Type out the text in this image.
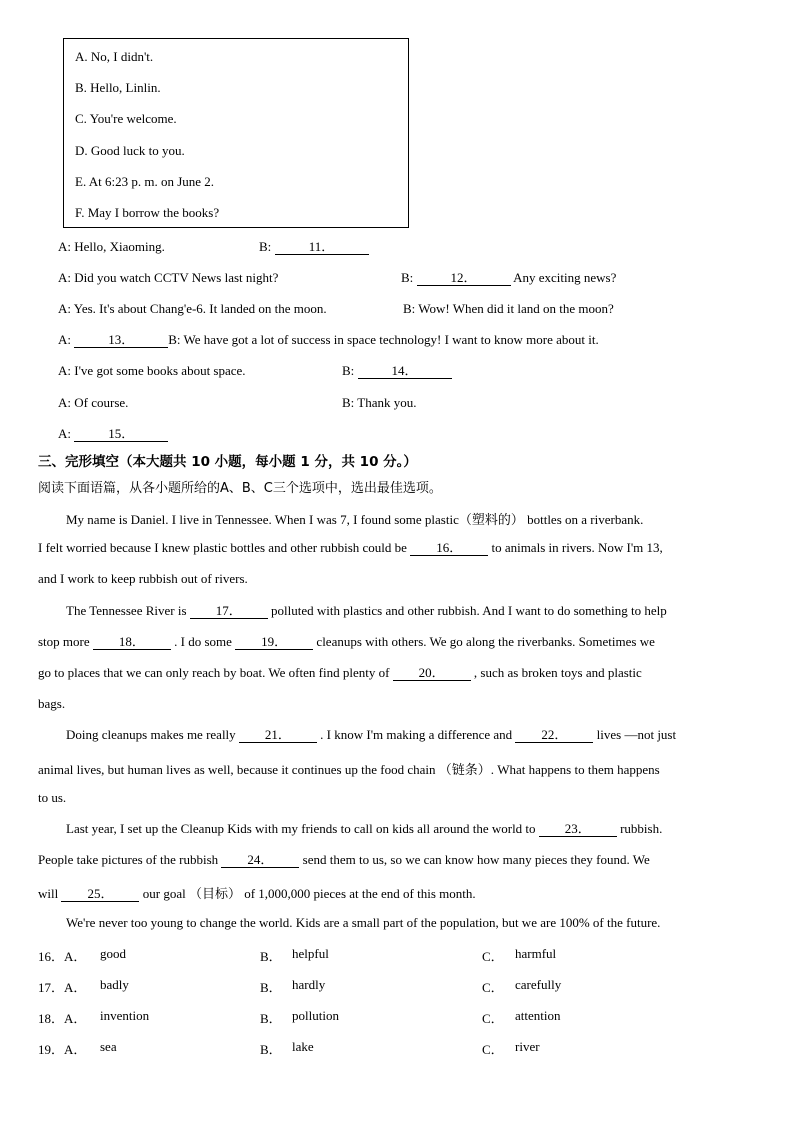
A. No, I didn't.
B. Hello, Linlin.
C. You're welcome.
D. Good luck to you.
E. At 6:23 p. m. on June 2.
F. May I borrow the books?
A: Hello, Xiaoming.	B:	11．
A: Did you watch CCTV News last night?	B:	12．	Any exciting news?
A: Yes. It's about Chang'e-6. It landed on the moon.	B: Wow! When did it land on the moon?
A:	13．	B: We have got a lot of success in space technology! I want to know more about it.
A: I've got some books about space.	B:	14．
A: Of course.	B: Thank you.
A:	15．
三、完形填空（本大题共 10 小题，每小题 1 分，共 10 分。）
阅读下面语篇，从各小题所给的A、B、C三个选项中，选出最佳选项。
My name is Daniel. I live in Tennessee. When I was 7, I found some plastic（塑料的） bottles on a riverbank.
I felt worried because I knew plastic bottles and other rubbish could be 16． to animals in rivers. Now I'm 13,
and I work to keep rubbish out of rivers.
The Tennessee River is 17． polluted with plastics and other rubbish. And I want to do something to help
stop more 18． . I do some 19． cleanups with others. We go along the riverbanks. Sometimes we
go to places that we can only reach by boat. We often find plenty of 20． , such as broken toys and plastic
bags.
Doing cleanups makes me really 21． . I know I'm making a difference and 22． lives —not just
animal lives, but human lives as well, because it continues up the food chain （链条）. What happens to them happens
to us.
Last year, I set up the Cleanup Kids with my friends to call on kids all around the world to 23． rubbish.
People take pictures of the rubbish 24． send them to us, so we can know how many pieces they found. We
will 25． our goal （目标） of 1,000,000 pieces at the end of this month.
We're never too young to change the world. Kids are a small part of the population, but we are 100% of the future.
16．A． good	B． helpful	C． harmful
17．A． badly	B． hardly	C． carefully
18．A． invention	B． pollution	C． attention
19．A． sea	B． lake	C． river
